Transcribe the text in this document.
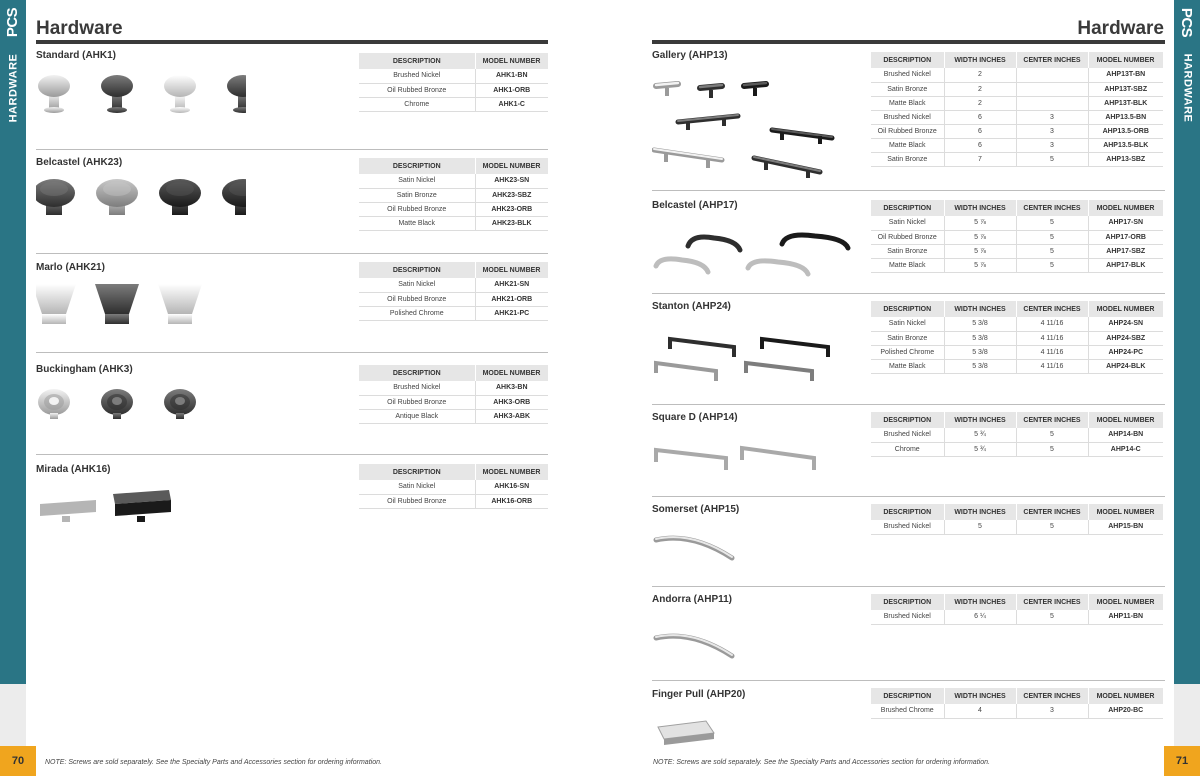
PCS
HARDWARE
PCS
HARDWARE
70	71
NOTE: Screws are sold separately. See the Specialty Parts and Accessories section for ordering information.	NOTE: Screws are sold separately. See the Specialty Parts and Accessories section for ordering information.
Hardware	Hardware
Standard (AHK1)	DESCRIPTION	MODEL NUMBER
Brushed Nickel	AHK1-BN
Oil Rubbed Bronze	AHK1-ORB
Chrome	AHK1-C
Belcastel (AHK23)	DESCRIPTION	MODEL NUMBER
Satin Nickel	AHK23-SN
Satin Bronze	AHK23-SBZ
Oil Rubbed Bronze	AHK23-ORB
Matte Black	AHK23-BLK
Marlo (AHK21)	DESCRIPTION	MODEL NUMBER
Satin Nickel	AHK21-SN
Oil Rubbed Bronze	AHK21-ORB
Polished Chrome	AHK21-PC
Buckingham (AHK3)	DESCRIPTION	MODEL NUMBER
Brushed Nickel	AHK3-BN
Oil Rubbed Bronze	AHK3-ORB
Antique Black	AHK3-ABK
Mirada (AHK16)	DESCRIPTION	MODEL NUMBER
Satin Nickel	AHK16-SN
Oil Rubbed Bronze	AHK16-ORB
Gallery (AHP13)	DESCRIPTION	WIDTH INCHES	CENTER INCHES	MODEL NUMBER
Brushed Nickel	2		AHP13T-BN
Satin Bronze	2		AHP13T-SBZ
Matte Black	2		AHP13T-BLK
Brushed Nickel	6	3	AHP13.5-BN
Oil Rubbed Bronze	6	3	AHP13.5-ORB
Matte Black	6	3	AHP13.5-BLK
Satin Bronze	7	5	AHP13-SBZ
Belcastel (AHP17)	DESCRIPTION	WIDTH INCHES	CENTER INCHES	MODEL NUMBER
Satin Nickel	5 ⅞	5	AHP17-SN
Oil Rubbed Bronze	5 ⅞	5	AHP17-ORB
Satin Bronze	5 ⅞	5	AHP17-SBZ
Matte Black	5 ⅞	5	AHP17-BLK
Stanton (AHP24)	DESCRIPTION	WIDTH INCHES	CENTER INCHES	MODEL NUMBER
Satin Nickel	5 3/8	4 11/16	AHP24-SN
Satin Bronze	5 3/8	4 11/16	AHP24-SBZ
Polished Chrome	5 3/8	4 11/16	AHP24-PC
Matte Black	5 3/8	4 11/16	AHP24-BLK
Square D (AHP14)	DESCRIPTION	WIDTH INCHES	CENTER INCHES	MODEL NUMBER
Brushed Nickel	5 ¾	5	AHP14-BN
Chrome	5 ¾	5	AHP14-C
Somerset (AHP15)	DESCRIPTION	WIDTH INCHES	CENTER INCHES	MODEL NUMBER
Brushed Nickel	5	5	AHP15-BN
Andorra (AHP11)	DESCRIPTION	WIDTH INCHES	CENTER INCHES	MODEL NUMBER
Brushed Nickel	6 ¼	5	AHP11-BN
Finger Pull (AHP20)	DESCRIPTION	WIDTH INCHES	CENTER INCHES	MODEL NUMBER
Brushed Chrome	4	3	AHP20-BC
